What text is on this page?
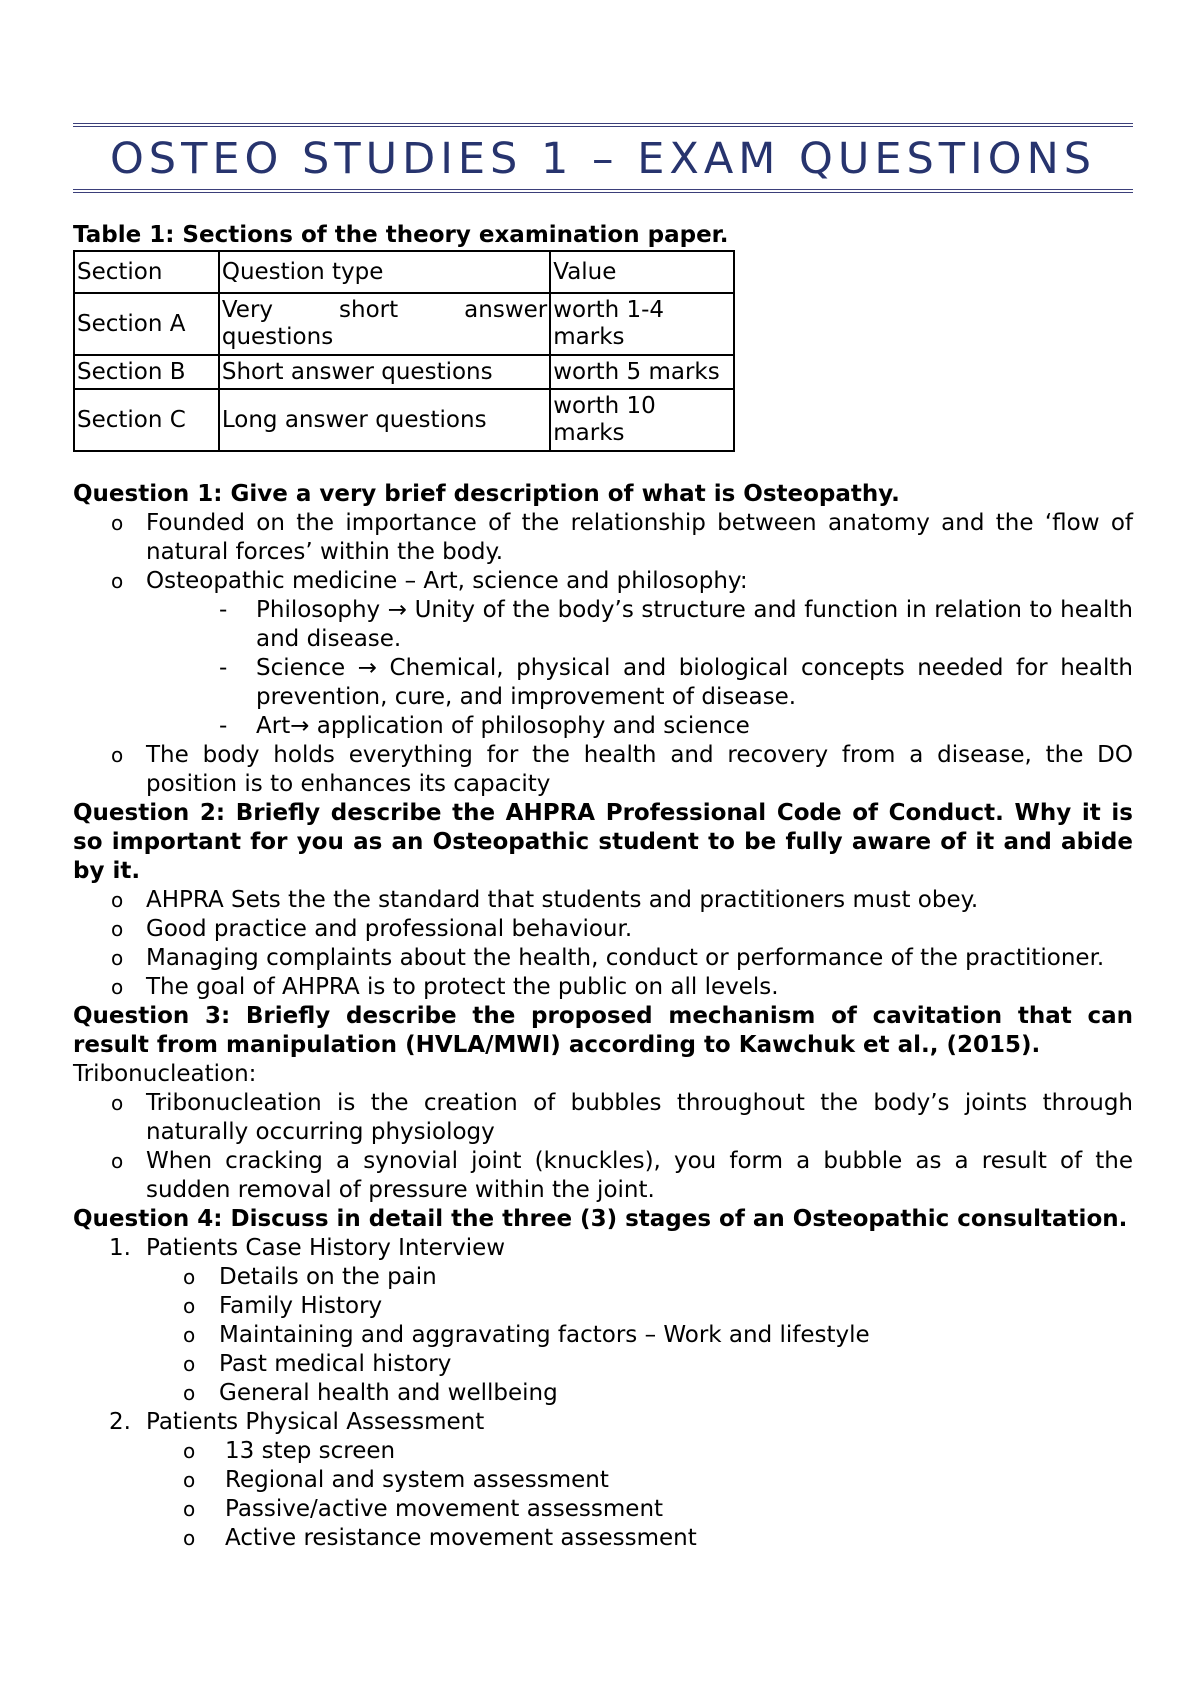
OSTEO STUDIES 1 – EXAM QUESTIONS
Table 1: Sections of the theory examination paper.
Section	Question type	Value
Section A	Very short answer questions	worth 1-4 marks
Section B	Short answer questions	worth 5 marks
Section C	Long answer questions	worth 10 marks
Question 1: Give a very brief description of what is Osteopathy.
o Founded on the importance of the relationship between anatomy and the ‘flow of natural forces’ within the body.
o Osteopathic medicine – Art, science and philosophy:
- Philosophy → Unity of the body’s structure and function in relation to health and disease.
- Science → Chemical, physical and biological concepts needed for health prevention, cure, and improvement of disease.
- Art→ application of philosophy and science
o The body holds everything for the health and recovery from a disease, the DO position is to enhances its capacity
Question 2: Briefly describe the AHPRA Professional Code of Conduct. Why it is so important for you as an Osteopathic student to be fully aware of it and abide by it.
o AHPRA Sets the the standard that students and practitioners must obey.
o Good practice and professional behaviour.
o Managing complaints about the health, conduct or performance of the practitioner.
o The goal of AHPRA is to protect the public on all levels.
Question 3: Briefly describe the proposed mechanism of cavitation that can result from manipulation (HVLA/MWI) according to Kawchuk et al., (2015).
Tribonucleation:
o Tribonucleation is the creation of bubbles throughout the body’s joints through naturally occurring physiology
o When cracking a synovial joint (knuckles), you form a bubble as a result of the sudden removal of pressure within the joint.
Question 4: Discuss in detail the three (3) stages of an Osteopathic consultation.
1. Patients Case History Interview
o Details on the pain
o Family History
o Maintaining and aggravating factors – Work and lifestyle
o Past medical history
o General health and wellbeing
2. Patients Physical Assessment
o 13 step screen
o Regional and system assessment
o Passive/active movement assessment
o Active resistance movement assessment
